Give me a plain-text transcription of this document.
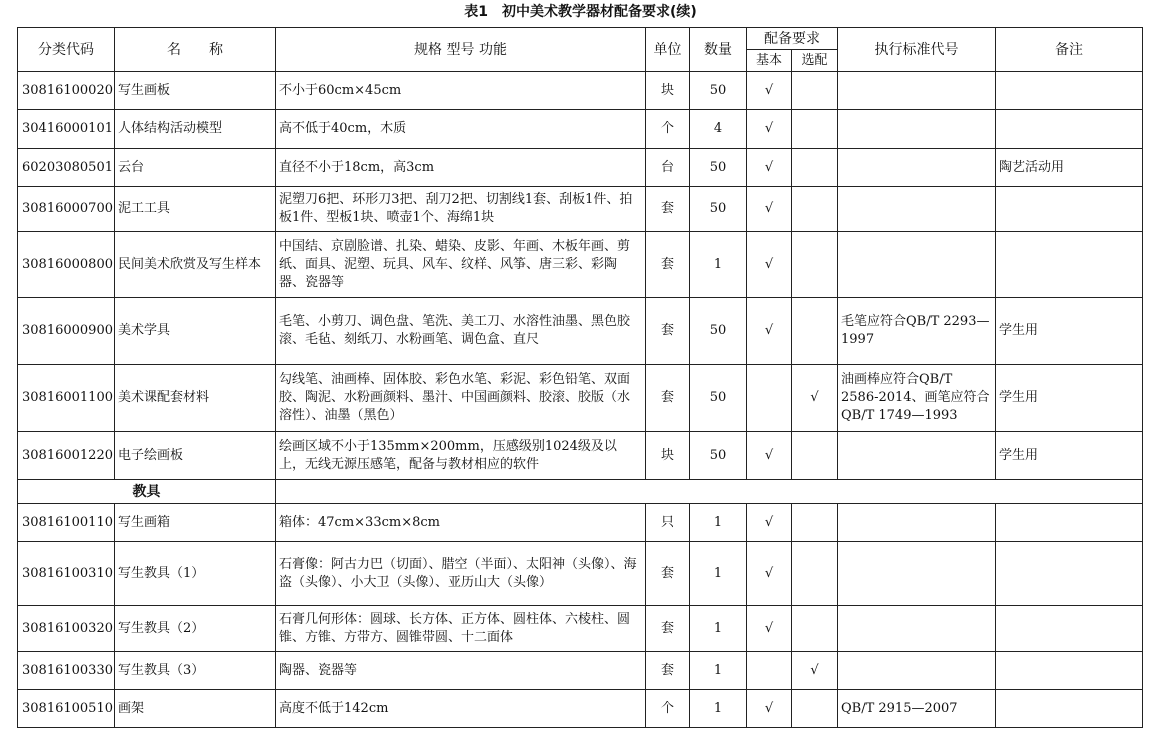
表1　初中美术教学器材配备要求(续)
分类代码	名　　称	规格 型号 功能	单位	数量	配备要求		执行标准代号	备注
					基本	选配		
30816100020	写生画板	不小于60cm×45cm	块	50	√			
30416000101	人体结构活动模型	高不低于40cm，木质	个	4	√			
60203080501	云台	直径不小于18cm，高3cm	台	50	√			陶艺活动用
30816000700	泥工工具	泥塑刀6把、环形刀3把、刮刀2把、切割线1套、刮板1件、拍板1件、型板1块、喷壶1个、海绵1块	套	50	√			
30816000800	民间美术欣赏及写生样本	中国结、京剧脸谱、扎染、蜡染、皮影、年画、木板年画、剪纸、面具、泥塑、玩具、风车、纹样、风筝、唐三彩、彩陶器、瓷器等	套	1	√			
30816000900	美术学具	毛笔、小剪刀、调色盘、笔洗、美工刀、水溶性油墨、黑色胶滚、毛毡、刻纸刀、水粉画笔、调色盒、直尺	套	50	√		毛笔应符合QB/T 2293—1997	学生用
30816001100	美术课配套材料	勾线笔、油画棒、固体胶、彩色水笔、彩泥、彩色铅笔、双面胶、陶泥、水粉画颜料、墨汁、中国画颜料、胶滚、胶版（水溶性）、油墨（黑色）	套	50		√	油画棒应符合QB/T 2586-2014、画笔应符合QB/T 1749—1993	学生用
30816001220	电子绘画板	绘画区域不小于135mm×200mm，压感级别1024级及以上，无线无源压感笔，配备与教材相应的软件	块	50	√			学生用
教具								
30816100110	写生画箱	箱体：47cm×33cm×8cm	只	1	√			
30816100310	写生教具（1）	石膏像：阿古力巴（切面）、腊空（半面）、太阳神（头像）、海盗（头像）、小大卫（头像）、亚历山大（头像）	套	1	√			
30816100320	写生教具（2）	石膏几何形体：圆球、长方体、正方体、圆柱体、六棱柱、圆锥、方锥、方带方、圆锥带圆、十二面体	套	1	√			
30816100330	写生教具（3）	陶器、瓷器等	套	1		√		
30816100510	画架	高度不低于142cm	个	1	√		QB/T 2915—2007	
